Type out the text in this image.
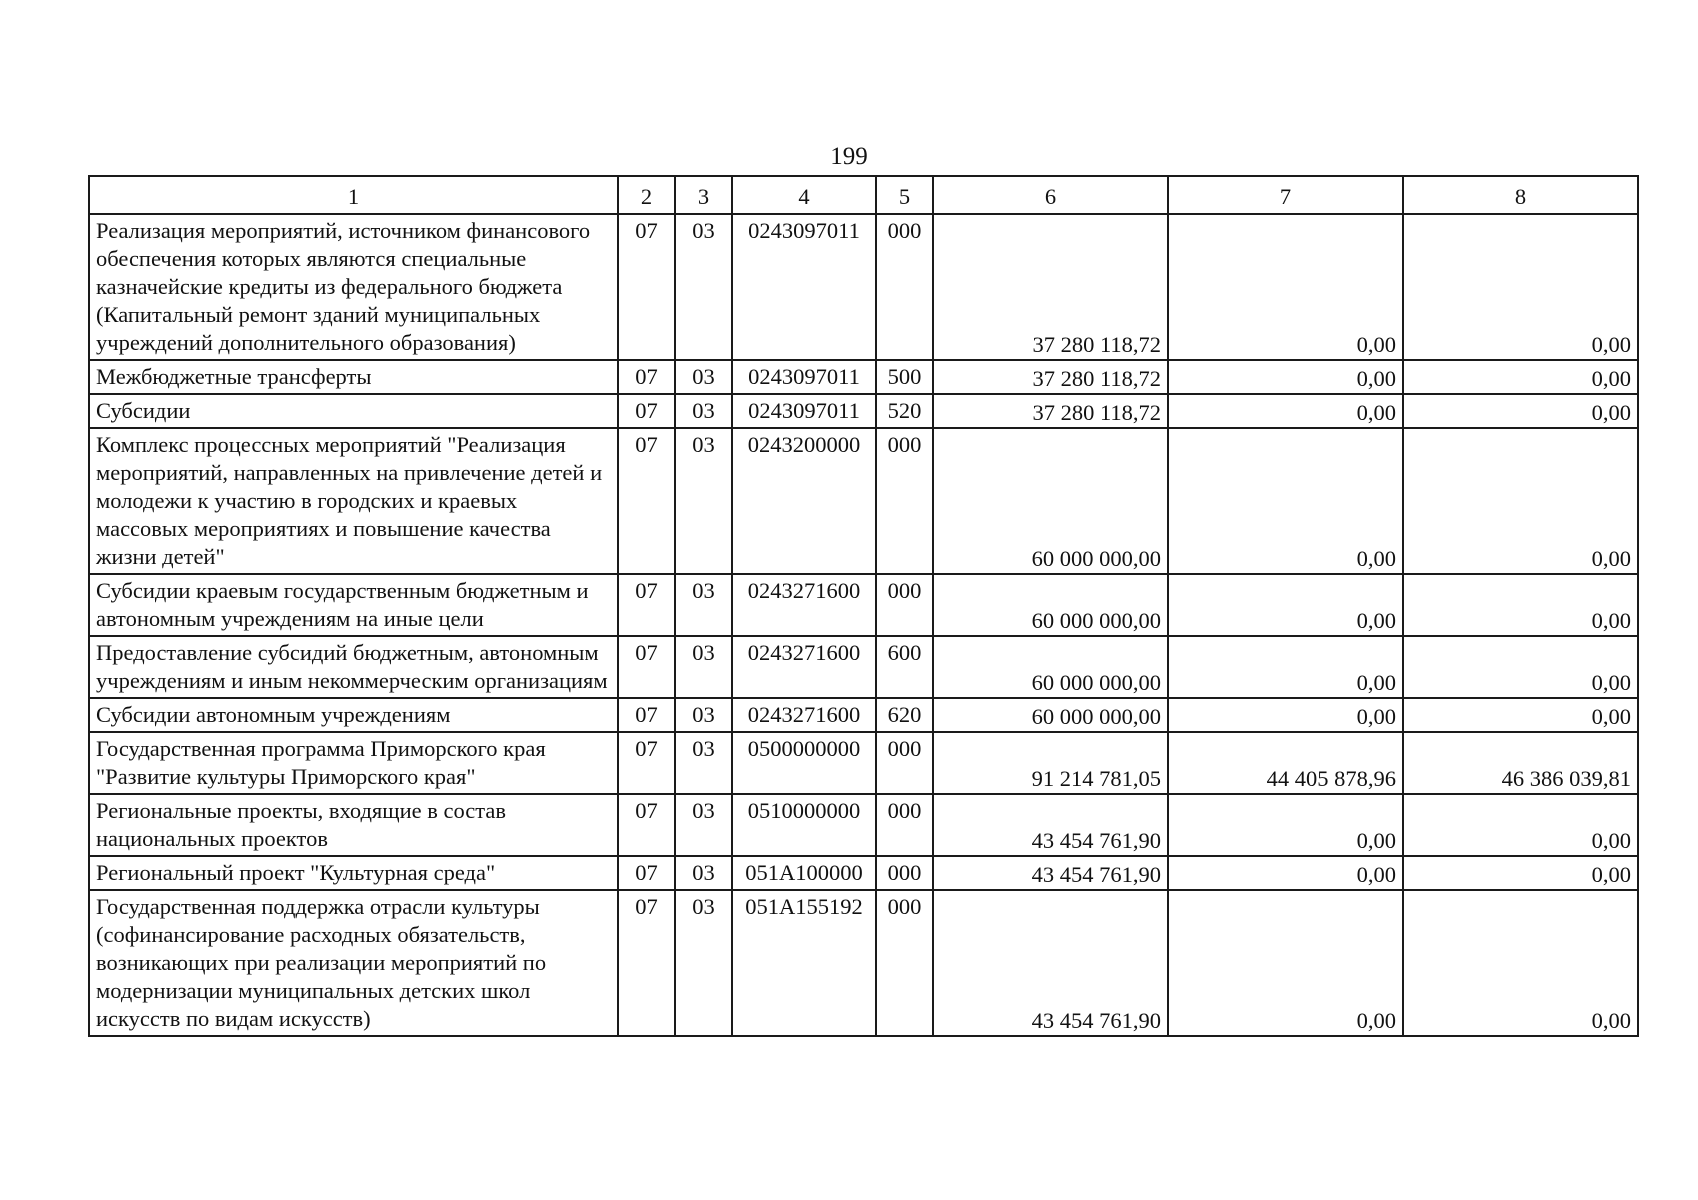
199
1	2	3	4	5	6	7	8
Реализация мероприятий, источником финансового обеспечения которых являются специальные казначейские кредиты из федерального бюджета (Капитальный ремонт зданий муниципальных учреждений дополнительного образования)	07	03	0243097011	000	37 280 118,72	0,00	0,00
Межбюджетные трансферты	07	03	0243097011	500	37 280 118,72	0,00	0,00
Субсидии	07	03	0243097011	520	37 280 118,72	0,00	0,00
Комплекс процессных мероприятий "Реализация мероприятий, направленных на привлечение детей и молодежи к участию в городских и краевых массовых мероприятиях и повышение качества жизни детей"	07	03	0243200000	000	60 000 000,00	0,00	0,00
Субсидии краевым государственным бюджетным и автономным учреждениям на иные цели	07	03	0243271600	000	60 000 000,00	0,00	0,00
Предоставление субсидий бюджетным, автономным учреждениям и иным некоммерческим организациям	07	03	0243271600	600	60 000 000,00	0,00	0,00
Субсидии автономным учреждениям	07	03	0243271600	620	60 000 000,00	0,00	0,00
Государственная программа Приморского края "Развитие культуры Приморского края"	07	03	0500000000	000	91 214 781,05	44 405 878,96	46 386 039,81
Региональные проекты, входящие в состав национальных проектов	07	03	0510000000	000	43 454 761,90	0,00	0,00
Региональный проект "Культурная среда"	07	03	051A100000	000	43 454 761,90	0,00	0,00
Государственная поддержка отрасли культуры (софинансирование расходных обязательств, возникающих при реализации мероприятий по модернизации муниципальных детских школ искусств по видам искусств)	07	03	051A155192	000	43 454 761,90	0,00	0,00
